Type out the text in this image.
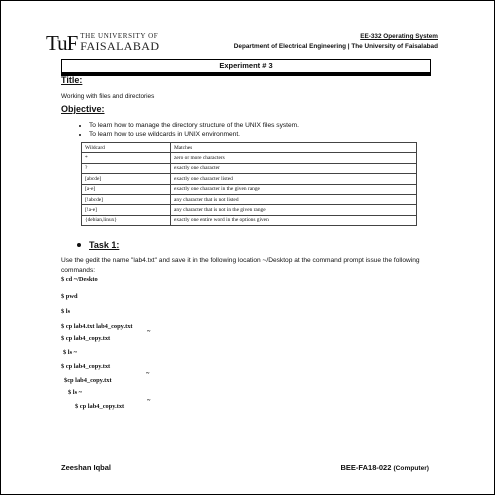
TuF THE UNIVERSITY OF
FAISALABAD
EE-332 Operating System
Department of Electrical Engineering | The University of Faisalabad
Experiment # 3
Title:
Working with files and directories
Objective:
• To learn how to manage the directory structure of the UNIX files system.
• To learn how to use wildcards in UNIX environment.
Wildcard	Matches
*	zero or more characters
?	exactly one character
[abcde]	exactly one character listed
[a-e]	exactly one character in the given range
[!abcde]	any character that is not listed
[!a-e]	any character that is not in the given range
{debian,linux}	exactly one entire word in the options given
Task 1:
Use the gedit the name "lab4.txt" and save it in the following location ~/Desktop at the command prompt issue the following commands:
$ cd ~/Deskto
$ pwd
$ ls
$ cp lab4.txt lab4_copy.txt
$ cp lab4_copy.txt
~
$ ls ~
$ cp lab4_copy.txt
$cp lab4_copy.txt
~
$ ls ~
$ cp lab4_copy.txt
~
Zeeshan Iqbal	BEE-FA18-022 (Computer)
